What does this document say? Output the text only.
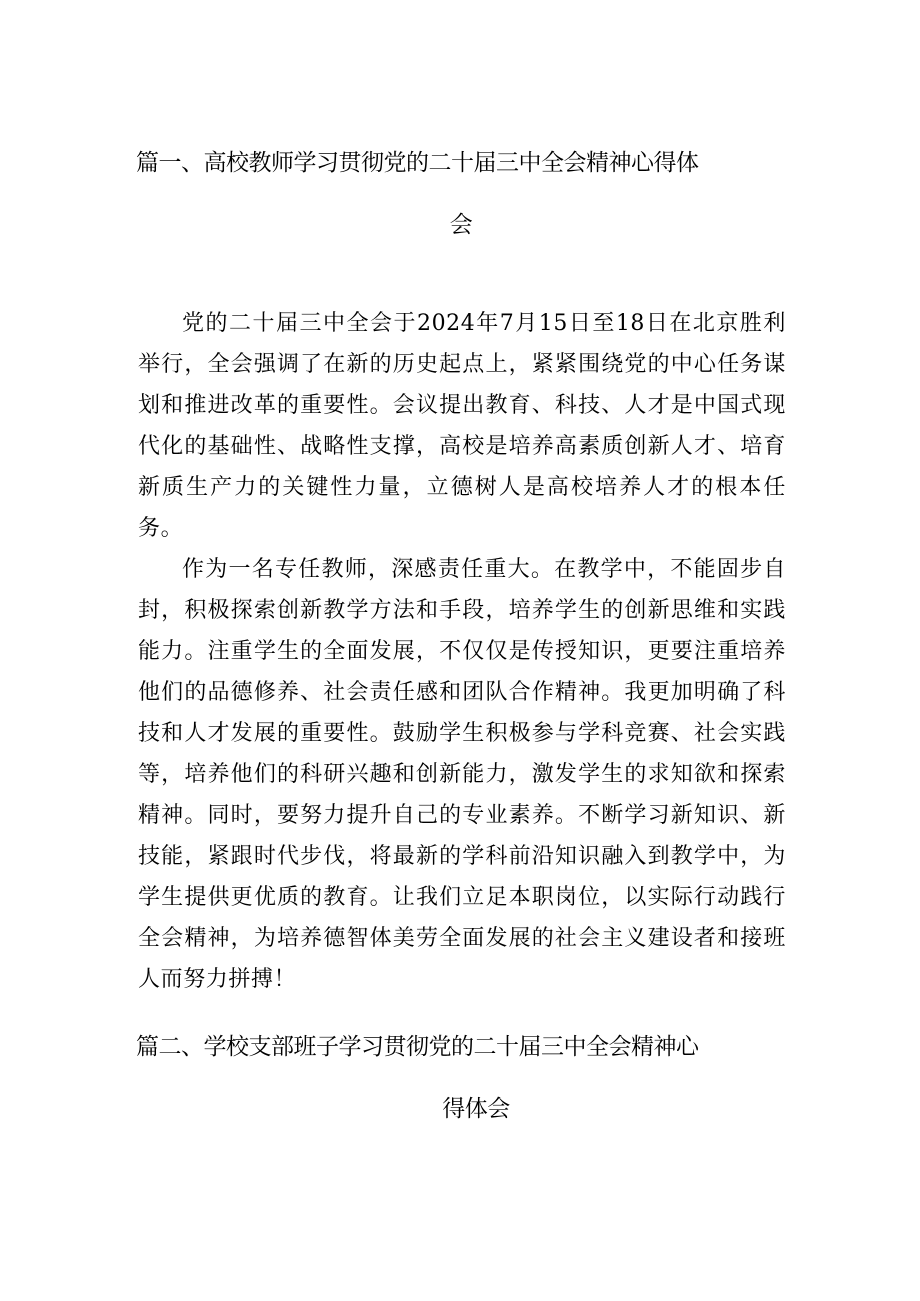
篇一、高校教师学习贯彻党的二十届三中全会精神心得体
会

党的二十届三中全会于2024年7月15日至18日在北京胜利举行，全会强调了在新的历史起点上，紧紧围绕党的中心任务谋划和推进改革的重要性。会议提出教育、科技、人才是中国式现代化的基础性、战略性支撑，高校是培养高素质创新人才、培育新质生产力的关键性力量，立德树人是高校培养人才的根本任务。

作为一名专任教师，深感责任重大。在教学中，不能固步自封，积极探索创新教学方法和手段，培养学生的创新思维和实践能力。注重学生的全面发展，不仅仅是传授知识，更要注重培养他们的品德修养、社会责任感和团队合作精神。我更加明确了科技和人才发展的重要性。鼓励学生积极参与学科竞赛、社会实践等，培养他们的科研兴趣和创新能力，激发学生的求知欲和探索精神。同时，要努力提升自己的专业素养。不断学习新知识、新技能，紧跟时代步伐，将最新的学科前沿知识融入到教学中，为学生提供更优质的教育。让我们立足本职岗位，以实际行动践行全会精神，为培养德智体美劳全面发展的社会主义建设者和接班人而努力拼搏！

篇二、学校支部班子学习贯彻党的二十届三中全会精神心
得体会
